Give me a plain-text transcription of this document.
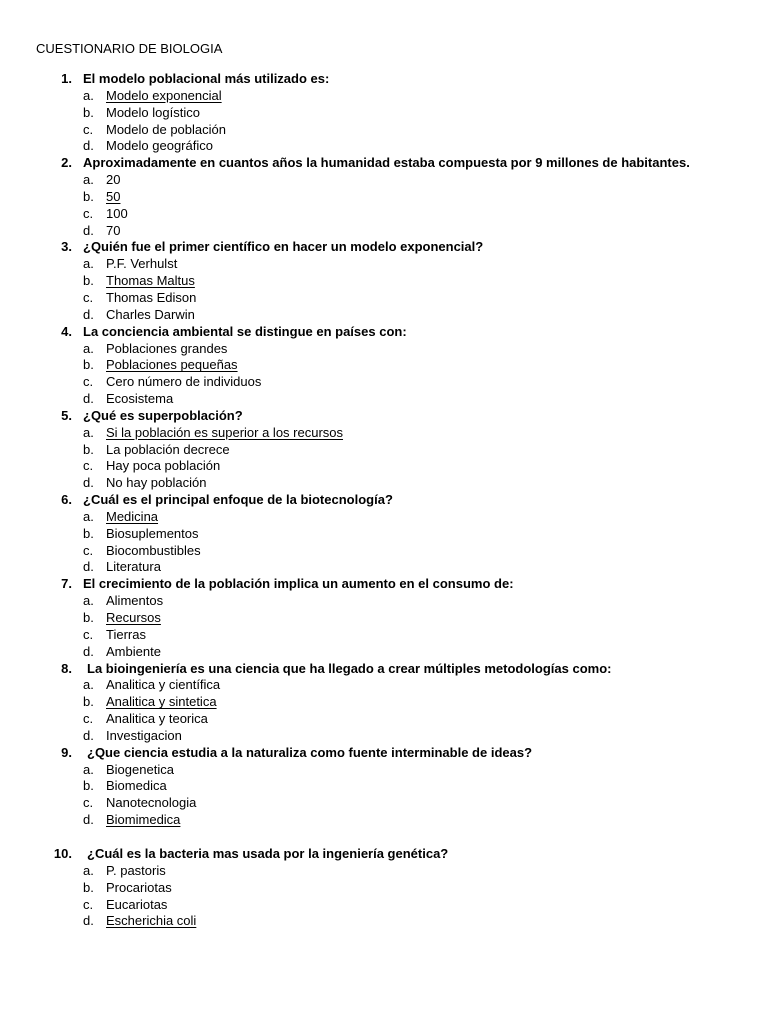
CUESTIONARIO DE BIOLOGIA
1. El modelo poblacional más utilizado es:
a. Modelo exponencial
b. Modelo logístico
c. Modelo de población
d. Modelo geográfico
2. Aproximadamente en cuantos años la humanidad estaba compuesta por 9 millones de habitantes.
a. 20
b. 50
c. 100
d. 70
3. ¿Quién fue el primer científico en hacer un modelo exponencial?
a. P.F. Verhulst
b. Thomas Maltus
c. Thomas Edison
d. Charles Darwin
4. La conciencia ambiental se distingue en países con:
a. Poblaciones grandes
b. Poblaciones pequeñas
c. Cero número de individuos
d. Ecosistema
5. ¿Qué es superpoblación?
a. Si la población es superior a los recursos
b. La población decrece
c. Hay poca población
d. No hay población
6. ¿Cuál es el principal enfoque de la biotecnología?
a. Medicina
b. Biosuplementos
c. Biocombustibles
d. Literatura
7. El crecimiento de la población implica un aumento en el consumo de:
a. Alimentos
b. Recursos
c. Tierras
d. Ambiente
8. La bioingeniería es una ciencia que ha llegado a crear múltiples metodologías como:
a. Analitica y científica
b. Analitica y sintetica
c. Analitica y teorica
d. Investigacion
9. ¿Que ciencia estudia a la naturaliza como fuente interminable de ideas?
a. Biogenetica
b. Biomedica
c. Nanotecnologia
d. Biomimedica
10. ¿Cuál es la bacteria mas usada por la ingeniería genética?
a. P. pastoris
b. Procariotas
c. Eucariotas
d. Escherichia coli
